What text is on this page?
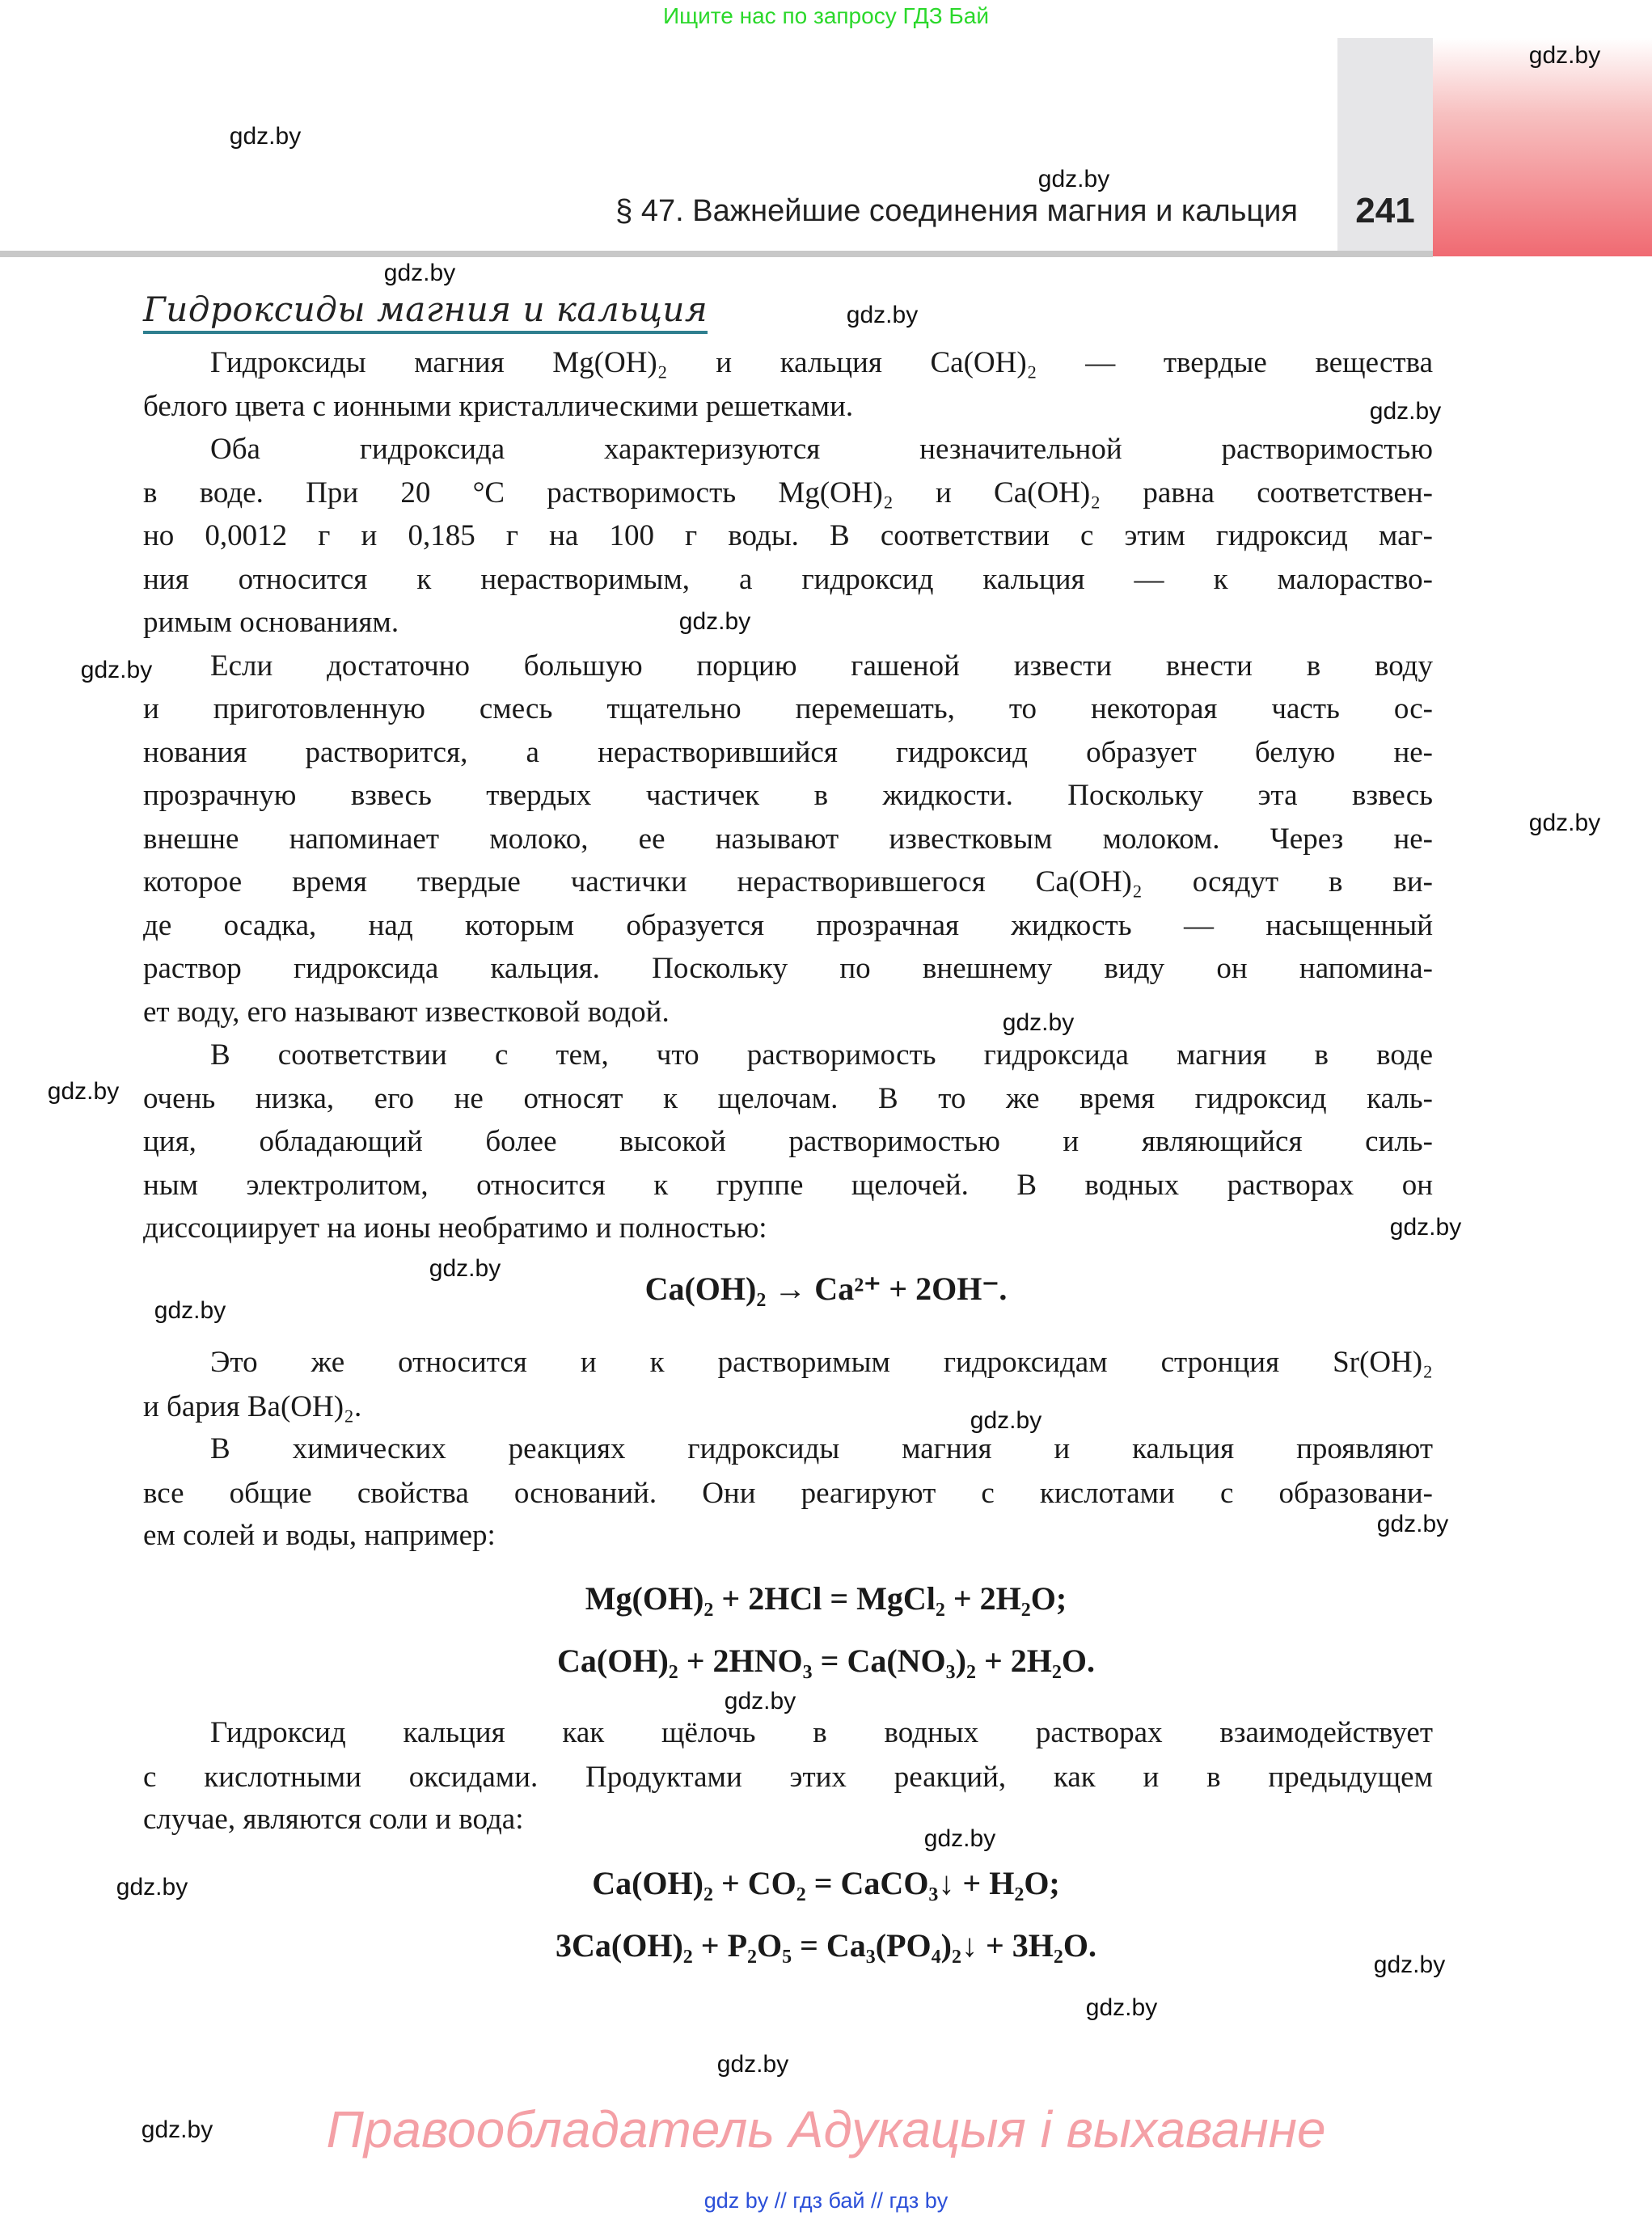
Ищите нас по запросу ГДЗ Бай
§ 47. Важнейшие соединения магния и кальция	241
Гидроксиды магния и кальция
Гидроксиды магния Mg(OH)₂ и кальция Ca(OH)₂ — твердые вещества
белого цвета с ионными кристаллическими решетками.
Оба гидроксида характеризуются незначительной растворимостью
в воде. При 20 °С растворимость Mg(OH)₂ и Ca(OH)₂ равна соответствен-
но 0,0012 г и 0,185 г на 100 г воды. В соответствии с этим гидроксид маг-
ния относится к нерастворимым, а гидроксид кальция — к малораство-
римым основаниям.
Если достаточно большую порцию гашеной извести внести в воду
и приготовленную смесь тщательно перемешать, то некоторая часть ос-
нования растворится, а нерастворившийся гидроксид образует белую не-
прозрачную взвесь твердых частичек в жидкости. Поскольку эта взвесь
внешне напоминает молоко, ее называют известковым молоком. Через не-
которое время твердые частички нерастворившегося Ca(OH)₂ осядут в ви-
де осадка, над которым образуется прозрачная жидкость — насыщенный
раствор гидроксида кальция. Поскольку по внешнему виду он напомина-
ет воду, его называют известковой водой.
В соответствии с тем, что растворимость гидроксида магния в воде
очень низка, его не относят к щелочам. В то же время гидроксид каль-
ция, обладающий более высокой растворимостью и являющийся силь-
ным электролитом, относится к группе щелочей. В водных растворах он
диссоциирует на ионы необратимо и полностью:
Это же относится и к растворимым гидроксидам стронция Sr(OH)₂
и бария Ba(OH)₂.
В химических реакциях гидроксиды магния и кальция проявляют
все общие свойства оснований. Они реагируют с кислотами с образовани-
ем солей и воды, например:
Гидроксид кальция как щёлочь в водных растворах взаимодействует
с кислотными оксидами. Продуктами этих реакций, как и в предыдущем
случае, являются соли и вода:
Ca(OH)₂ → Ca²⁺ + 2OH⁻.
Mg(OH)₂ + 2HCl = MgCl₂ + 2H₂O;
Ca(OH)₂ + 2HNO₃ = Ca(NO₃)₂ + 2H₂O.
Ca(OH)₂ + CO₂ = CaCO₃↓ + H₂O;
3Ca(OH)₂ + P₂O₅ = Ca₃(PO₄)₂↓ + 3H₂O.
gdz.by
gdz.by
gdz.by
gdz.by
gdz.by
gdz.by
gdz.by
gdz.by
gdz.by
gdz.by
gdz.by
gdz.by
gdz.by
gdz.by
gdz.by
gdz.by
gdz.by
gdz.by
gdz.by
gdz.by
gdz.by
gdz.by
gdz.by	Правообладатель Адукацыя і выхаванне
gdz by // гдз бай // гдз by
